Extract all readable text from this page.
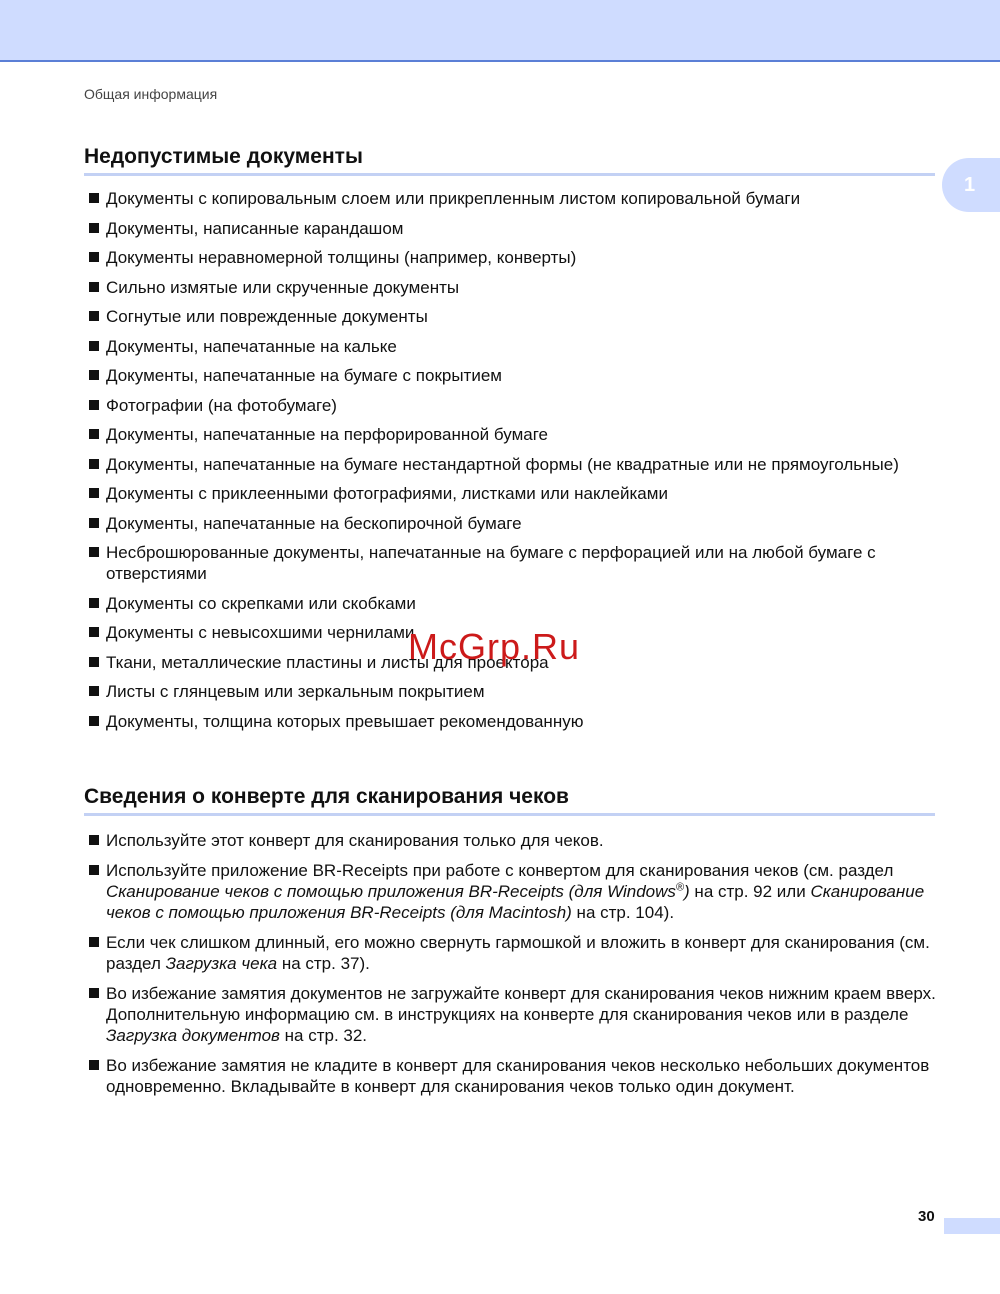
Общая информация
1
Недопустимые документы
Документы с копировальным слоем или прикрепленным листом копировальной бумаги
Документы, написанные карандашом
Документы неравномерной толщины (например, конверты)
Сильно измятые или скрученные документы
Согнутые или поврежденные документы
Документы, напечатанные на кальке
Документы, напечатанные на бумаге с покрытием
Фотографии (на фотобумаге)
Документы, напечатанные на перфорированной бумаге
Документы, напечатанные на бумаге нестандартной формы (не квадратные или не прямоугольные)
Документы с приклеенными фотографиями, листками или наклейками
Документы, напечатанные на бескопирочной бумаге
Несброшюрованные документы, напечатанные на бумаге с перфорацией или на любой бумаге с отверстиями
Документы со скрепками или скобками
Документы с невысохшими чернилами
Ткани, металлические пластины и листы для проектора
Листы с глянцевым или зеркальным покрытием
Документы, толщина которых превышает рекомендованную
Сведения о конверте для сканирования чеков
Используйте этот конверт для сканирования только для чеков.
Используйте приложение BR-Receipts при работе с конвертом для сканирования чеков (см. раздел Сканирование чеков с помощью приложения BR-Receipts (для Windows®) на стр. 92 или Сканирование чеков с помощью приложения BR-Receipts (для Macintosh) на стр. 104).
Если чек слишком длинный, его можно свернуть гармошкой и вложить в конверт для сканирования (см. раздел Загрузка чека на стр. 37).
Во избежание замятия документов не загружайте конверт для сканирования чеков нижним краем вверх. Дополнительную информацию см. в инструкциях на конверте для сканирования чеков или в разделе Загрузка документов на стр. 32.
Во избежание замятия не кладите в конверт для сканирования чеков несколько небольших документов одновременно. Вкладывайте в конверт для сканирования чеков только один документ.
McGrp.Ru
30
